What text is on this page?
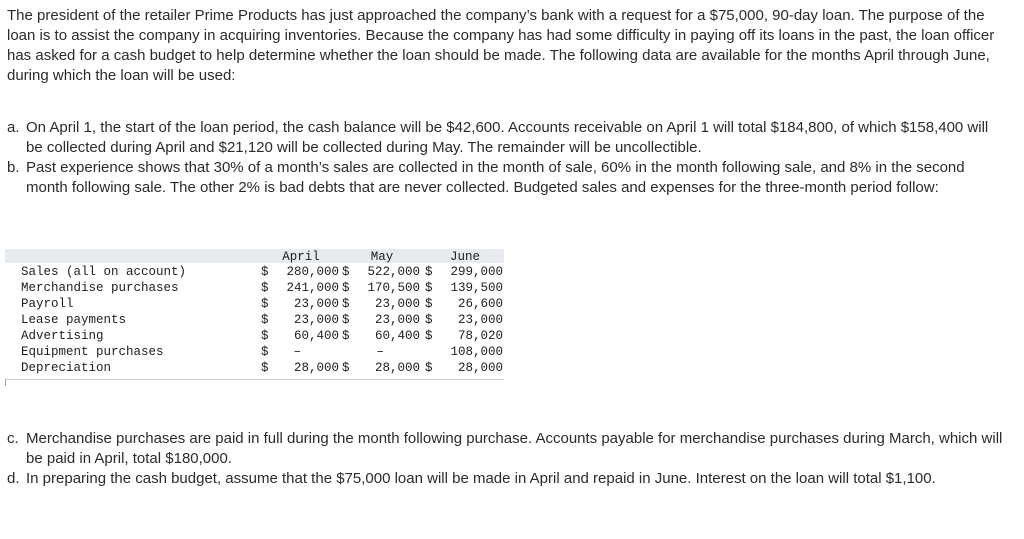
The president of the retailer Prime Products has just approached the company’s bank with a request for a $75,000, 90-day loan. The purpose of the loan is to assist the company in acquiring inventories. Because the company has had some difficulty in paying off its loans in the past, the loan officer has asked for a cash budget to help determine whether the loan should be made. The following data are available for the months April through June, during which the loan will be used:

a. On April 1, the start of the loan period, the cash balance will be $42,600. Accounts receivable on April 1 will total $184,800, of which $158,400 will be collected during April and $21,120 will be collected during May. The remainder will be uncollectible.
b. Past experience shows that 30% of a month’s sales are collected in the month of sale, 60% in the month following sale, and 8% in the second month following sale. The other 2% is bad debts that are never collected. Budgeted sales and expenses for the three-month period follow:
April	May	June
Sales (all on account)	$ 280,000 $ 522,000 $ 299,000
Merchandise purchases	$ 241,000 $ 170,500 $ 139,500
Payroll	$ 23,000 $ 23,000 $ 26,600
Lease payments	$ 23,000 $ 23,000 $ 23,000
Advertising	$ 60,400 $ 60,400 $ 78,020
Equipment purchases	$ –	–	108,000
Depreciation	$ 28,000 $ 28,000 $ 28,000
c. Merchandise purchases are paid in full during the month following purchase. Accounts payable for merchandise purchases during March, which will be paid in April, total $180,000.
d. In preparing the cash budget, assume that the $75,000 loan will be made in April and repaid in June. Interest on the loan will total $1,100.
